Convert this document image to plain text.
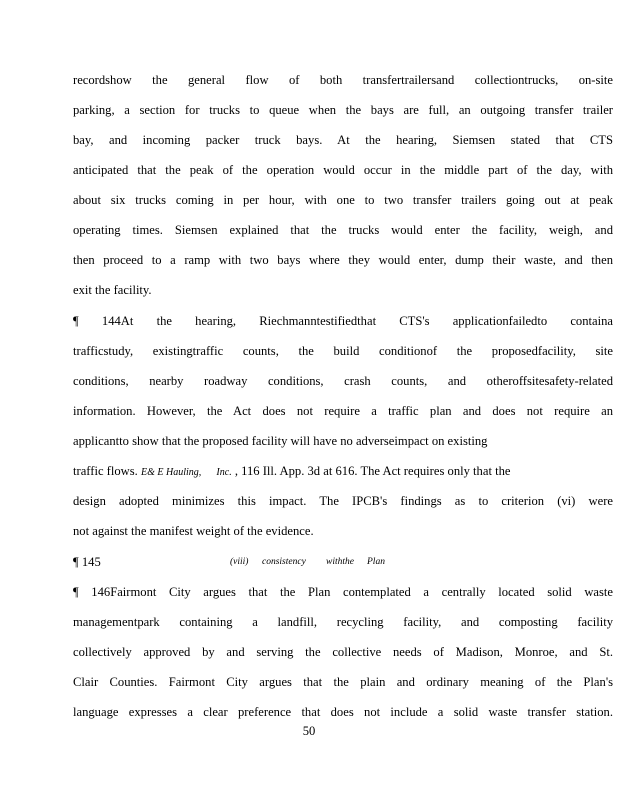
recordshow the general flow of both transfertrailersand collectiontrucks, on-site
parking, a section for trucks to queue when the bays are full, an outgoing transfer trailer
bay, and incoming packer truck bays. At the hearing, Siemsen stated that CTS
anticipated that the peak of the operation would occur in the middle part of the day, with
about six trucks coming in per hour, with one to two transfer trailers going out at peak
operating times. Siemsen explained that the trucks would enter the facility, weigh, and
then proceed to a ramp with two bays where they would enter, dump their waste, and then
exit the facility.
¶ 144At the hearing, Riechmanntestifiedthat CTS's applicationfailedto containa
trafficstudy, existingtraffic counts, the build conditionof the proposedfacility, site
conditions, nearby roadway conditions, crash counts, and otheroffsitesafety-related
information. However, the Act does not require a traffic plan and does not require an
applicantto show that the proposed facility will have no adverseimpact on existing
traffic flows. E& E Hauling, Inc. , 116 Ill. App. 3d at 616. The Act requires only that the
design adopted minimizes this impact. The IPCB's findings as to criterion (vi) were
not against the manifest weight of the evidence.
¶ 145	(viii) consistency withthe Plan
¶ 146Fairmont City argues that the Plan contemplated a centrally located solid waste
managementpark containing a landfill, recycling facility, and composting facility
collectively approved by and serving the collective needs of Madison, Monroe, and St.
Clair Counties. Fairmont City argues that the plain and ordinary meaning of the Plan's
language expresses a clear preference that does not include a solid waste transfer station.
50
